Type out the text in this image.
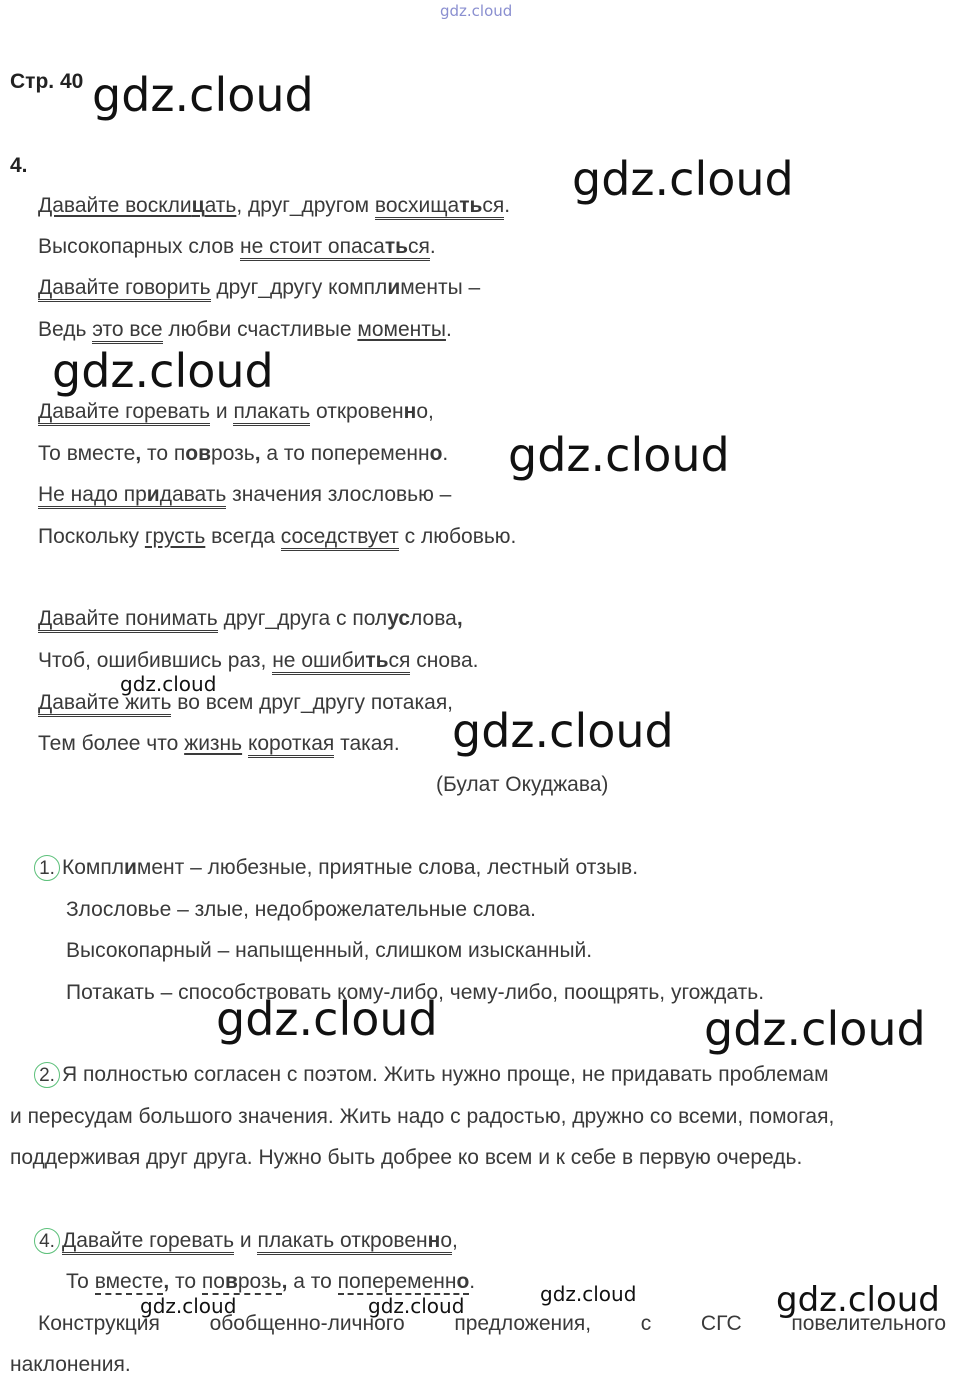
gdz.cloud
gdz.cloud
gdz.cloud
gdz.cloud
gdz.cloud
gdz.cloud
gdz.cloud
gdz.cloud	gdz.cloud
gdz.cloud	gdz.cloud	gdz.cloud	gdz.cloud
Стр. 40
4.
Давайте восклицать, друг_другом восхищаться.
Высокопарных слов не стоит опасаться.
Давайте говорить друг_другу комплименты –
Ведь это все любви счастливые моменты.
Давайте горевать и плакать откровенно,
То вместе, то поврозь, а то попеременно.
Не надо придавать значения злословью –
Поскольку грусть всегда соседствует с любовью.
Давайте понимать друг_друга с полуслова,
Чтоб, ошибившись раз, не ошибиться снова.
Давайте жить во всем друг_другу потакая,
Тем более что жизнь короткая такая.
(Булат Окуджава)
1. Комплимент – любезные, приятные слова, лестный отзыв.
Злословье – злые, недоброжелательные слова.
Высокопарный – напыщенный, слишком изысканный.
Потакать – способствовать кому-либо, чему-либо, поощрять, угождать.
2. Я полностью согласен с поэтом. Жить нужно проще, не придавать проблемам
и пересудам большого значения. Жить надо с радостью, дружно со всеми, помогая,
поддерживая друг друга. Нужно быть добрее ко всем и к себе в первую очередь.
4. Давайте горевать и плакать откровенно,
То вместе, то поврозь, а то попеременно.
Конструкция обобщенно-личного предложения, с СГС повелительного
наклонения.
